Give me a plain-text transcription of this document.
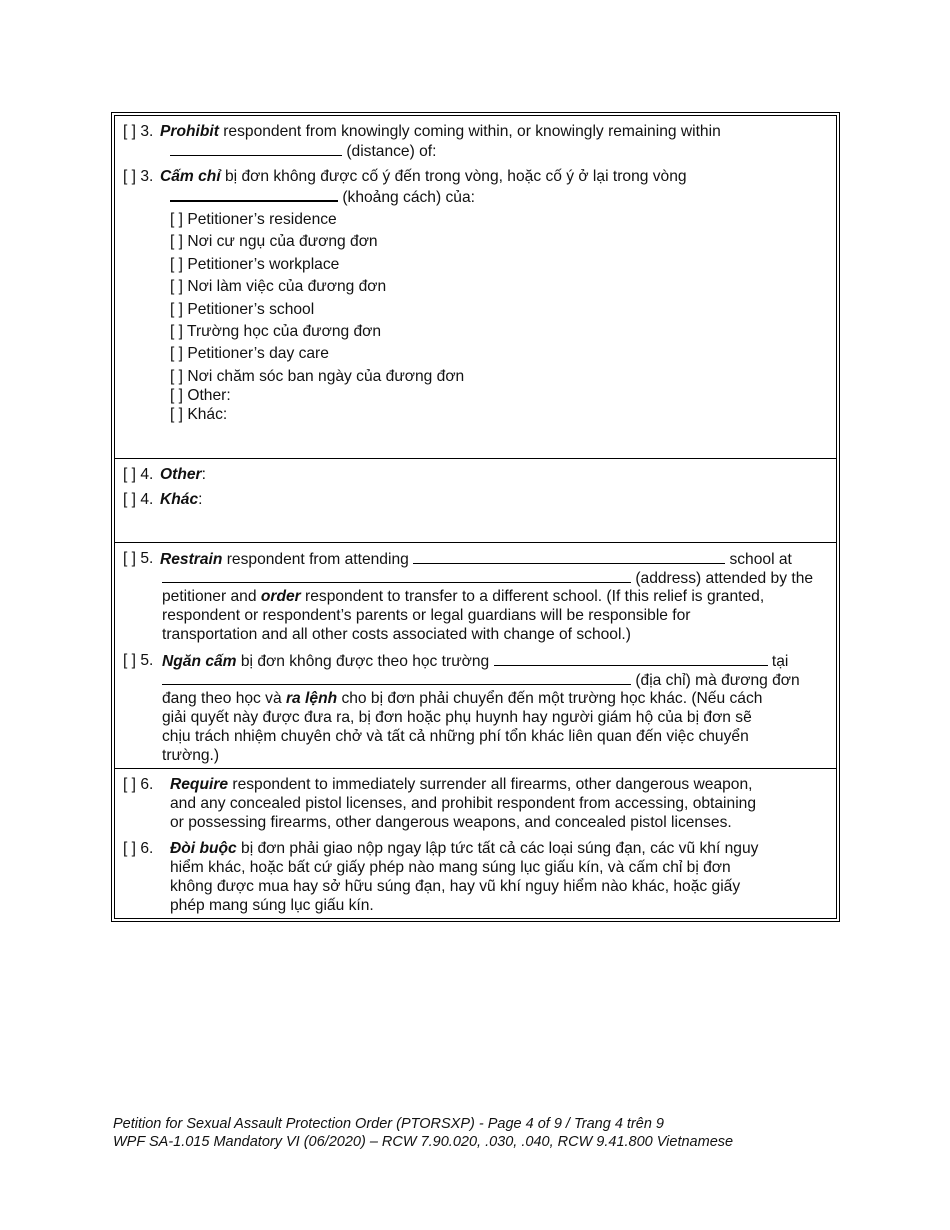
[ ] 3. Prohibit respondent from knowingly coming within, or knowingly remaining within
(distance) of:
[ ] 3. Cấm chỉ bị đơn không được cố ý đến trong vòng, hoặc cố ý ở lại trong vòng
(khoảng cách) của:
[ ] Petitioner’s residence
[ ] Nơi cư ngụ của đương đơn
[ ] Petitioner’s workplace
[ ] Nơi làm việc của đương đơn
[ ] Petitioner’s school
[ ] Trường học của đương đơn
[ ] Petitioner’s day care
[ ] Nơi chăm sóc ban ngày của đương đơn
[ ] Other:
[ ] Khác:
[ ] 4. Other:
[ ] 4. Khác:
[ ] 5. Restrain respondent from attending	school at
(address) attended by the
petitioner and order respondent to transfer to a different school. (If this relief is granted,
respondent or respondent’s parents or legal guardians will be responsible for
transportation and all other costs associated with change of school.)
[ ] 5. Ngăn cấm bị đơn không được theo học trường	tại
(địa chỉ) mà đương đơn
đang theo học và ra lệnh cho bị đơn phải chuyển đến một trường học khác. (Nếu cách
giải quyết này được đưa ra, bị đơn hoặc phụ huynh hay người giám hộ của bị đơn sẽ
chịu trách nhiệm chuyên chở và tất cả những phí tổn khác liên quan đến việc chuyển
trường.)
[ ] 6. Require respondent to immediately surrender all firearms, other dangerous weapon,
and any concealed pistol licenses, and prohibit respondent from accessing, obtaining
or possessing firearms, other dangerous weapons, and concealed pistol licenses.
[ ] 6. Đòi buộc bị đơn phải giao nộp ngay lập tức tất cả các loại súng đạn, các vũ khí nguy
hiểm khác, hoặc bất cứ giấy phép nào mang súng lục giấu kín, và cấm chỉ bị đơn
không được mua hay sở hữu súng đạn, hay vũ khí nguy hiểm nào khác, hoặc giấy
phép mang súng lục giấu kín.
Petition for Sexual Assault Protection Order (PTORSXP) - Page 4 of 9 / Trang 4 trên 9
WPF SA-1.015 Mandatory VI (06/2020) – RCW 7.90.020, .030, .040, RCW 9.41.800 Vietnamese
